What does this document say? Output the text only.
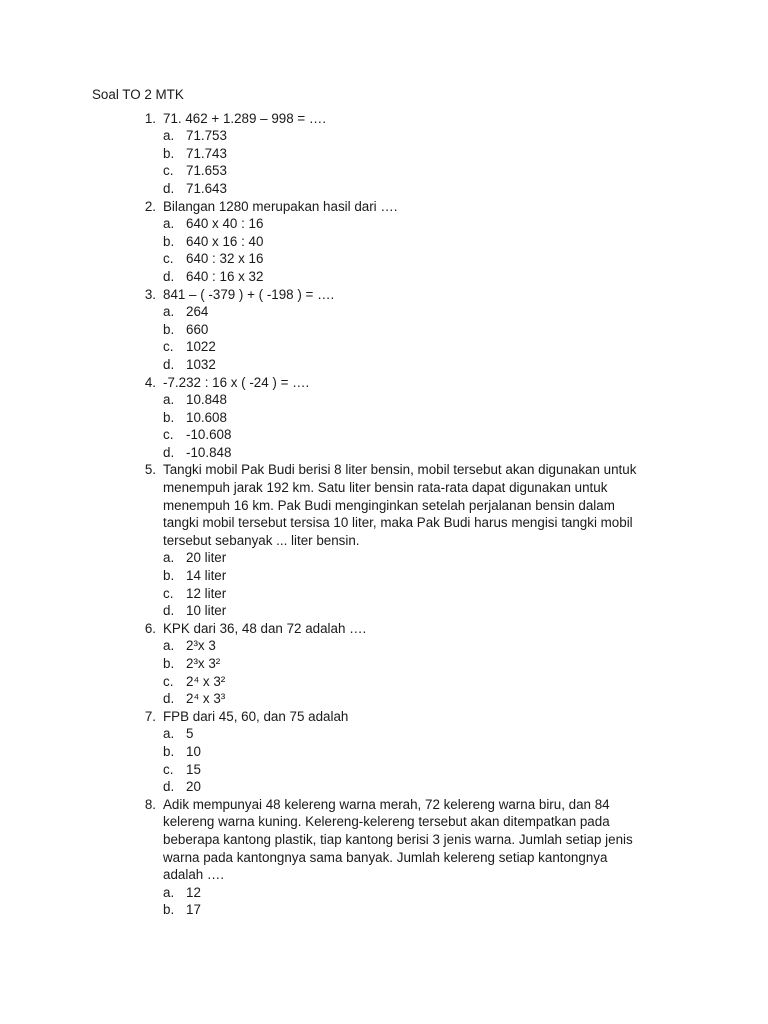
Soal TO 2 MTK
1. 71. 462 + 1.289 – 998 = ….
a. 71.753
b. 71.743
c. 71.653
d. 71.643
2. Bilangan 1280 merupakan hasil dari ….
a. 640 x 40 : 16
b. 640 x 16 : 40
c. 640 : 32 x 16
d. 640 : 16 x 32
3. 841 – ( -379 ) + ( -198 ) = ….
a. 264
b. 660
c. 1022
d. 1032
4. -7.232 : 16 x ( -24 ) = ….
a. 10.848
b. 10.608
c. -10.608
d. -10.848
5. Tangki mobil Pak Budi berisi 8 liter bensin, mobil tersebut akan digunakan untuk
menempuh jarak 192 km. Satu liter bensin rata-rata dapat digunakan untuk
menempuh 16 km. Pak Budi menginginkan setelah perjalanan bensin dalam
tangki mobil tersebut tersisa 10 liter, maka Pak Budi harus mengisi tangki mobil
tersebut sebanyak ... liter bensin.
a. 20 liter
b. 14 liter
c. 12 liter
d. 10 liter
6. KPK dari 36, 48 dan 72 adalah ….
a. 2³x 3
b. 2³x 3²
c. 2⁴ x 3²
d. 2⁴ x 3³
7. FPB dari 45, 60, dan 75 adalah
a. 5
b. 10
c. 15
d. 20
8. Adik mempunyai 48 kelereng warna merah, 72 kelereng warna biru, dan 84
kelereng warna kuning. Kelereng-kelereng tersebut akan ditempatkan pada
beberapa kantong plastik, tiap kantong berisi 3 jenis warna. Jumlah setiap jenis
warna pada kantongnya sama banyak. Jumlah kelereng setiap kantongnya
adalah ….
a. 12
b. 17
